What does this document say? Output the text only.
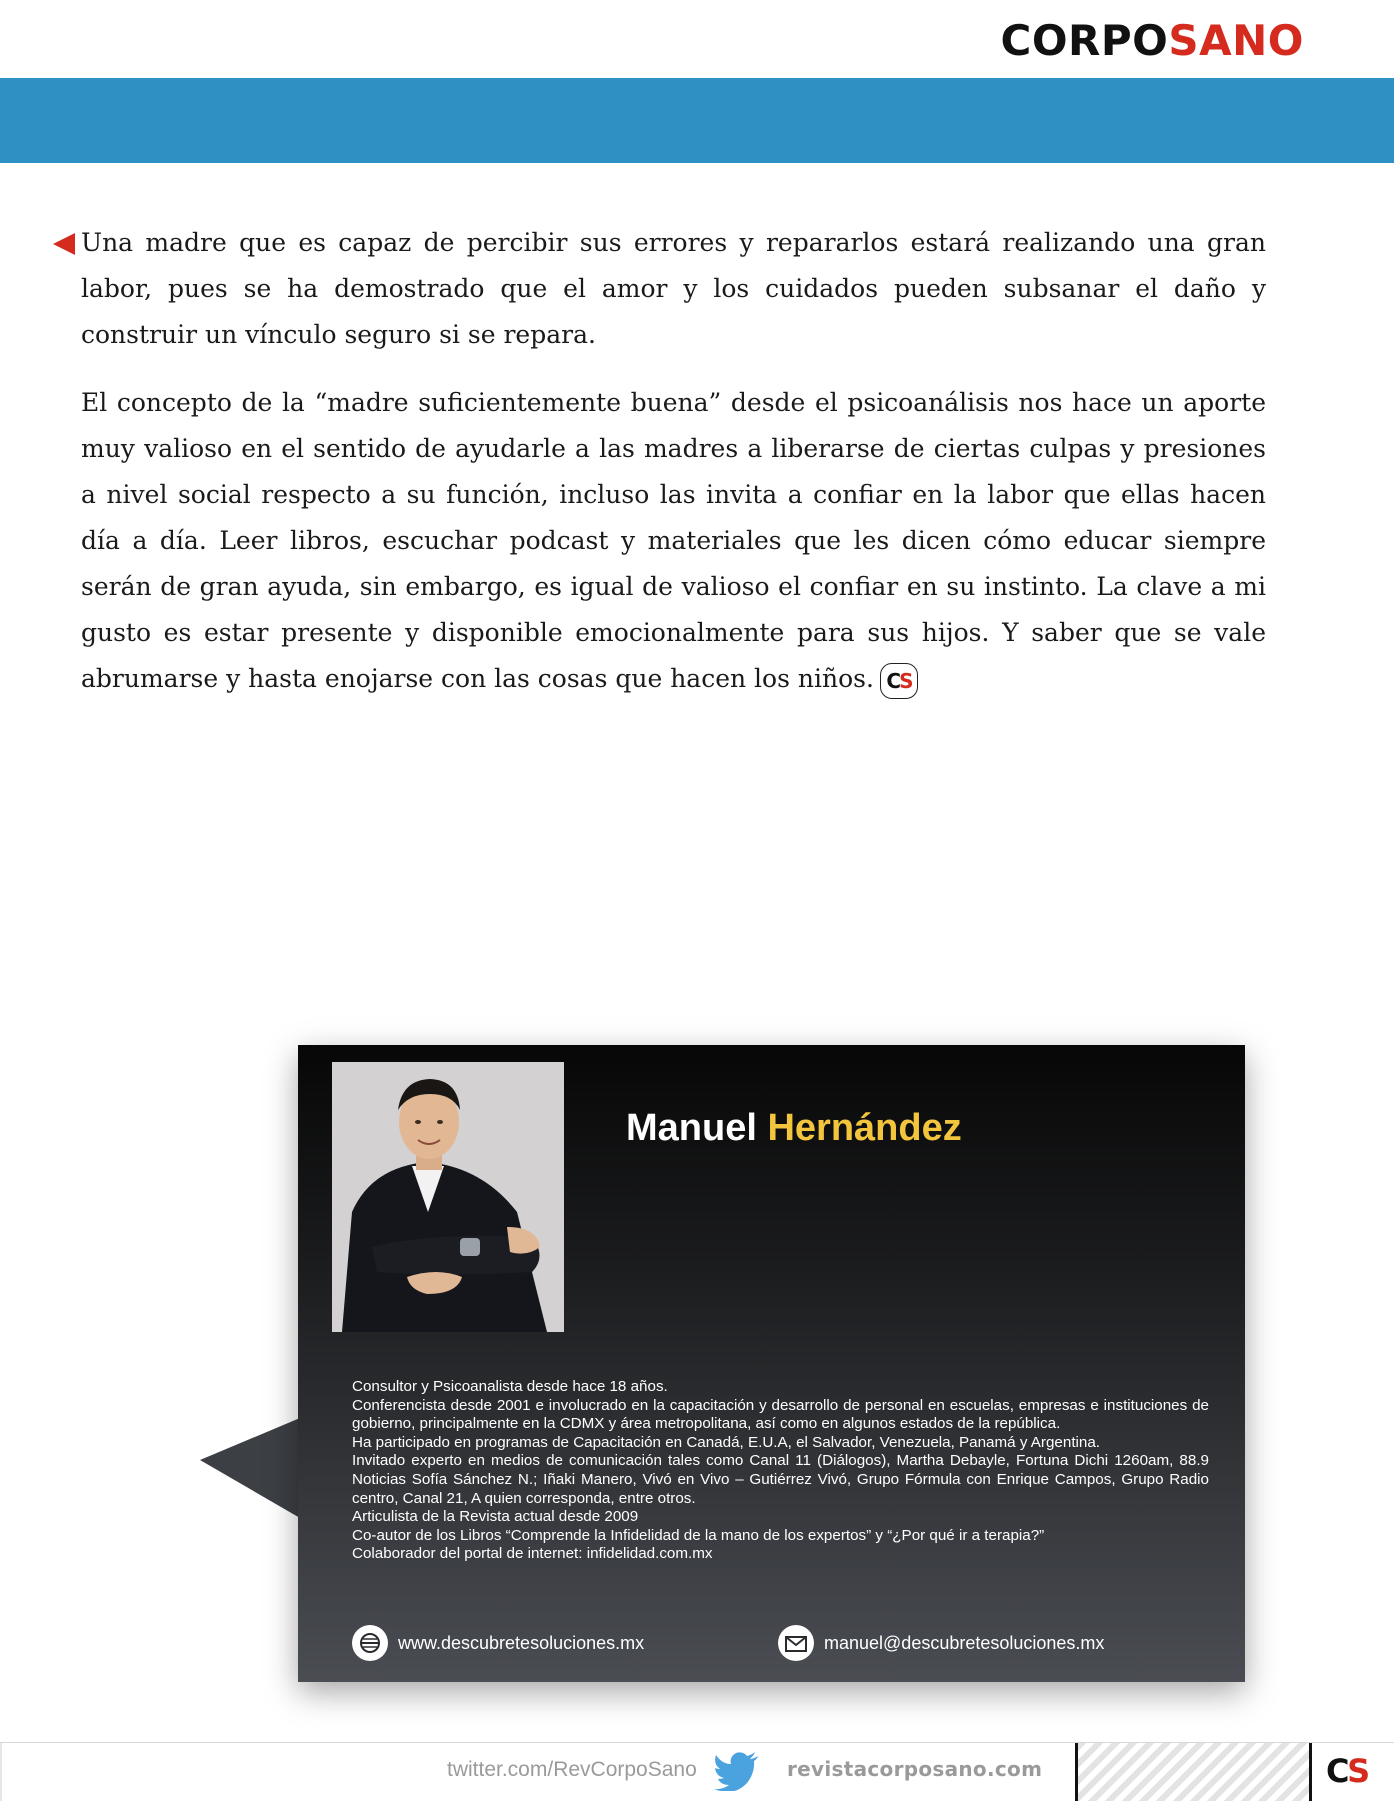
CORPOSANO

Una madre que es capaz de percibir sus errores y repararlos estará realizando una gran labor, pues se ha demostrado que el amor y los cuidados pueden subsanar el daño y construir un vínculo seguro si se repara.

El concepto de la “madre suficientemente buena” desde el psicoanálisis nos hace un aporte muy valioso en el sentido de ayudarle a las madres a liberarse de ciertas culpas y presiones a nivel social respecto a su función, incluso las invita a confiar en la labor que ellas hacen día a día. Leer libros, escuchar podcast y materiales que les dicen cómo educar siempre serán de gran ayuda, sin embargo, es igual de valioso el confiar en su instinto. La clave a mi gusto es estar presente y disponible emocionalmente para sus hijos. Y saber que se vale abrumarse y hasta enojarse con las cosas que hacen los niños. C S

Manuel Hernández
Consultor y Psicoanalista desde hace 18 años.
Conferencista desde 2001 e involucrado en la capacitación y desarrollo de personal en escuelas, empresas e instituciones de gobierno, principalmente en la CDMX y área metropolitana, así como en algunos estados de la república.
Ha participado en programas de Capacitación en Canadá, E.U.A, el Salvador, Venezuela, Panamá y Argentina.
Invitado experto en medios de comunicación tales como Canal 11 (Diálogos), Martha Debayle, Fortuna Dichi 1260am, 88.9 Noticias Sofía Sánchez N.; Iñaki Manero, Vivó en Vivo – Gutiérrez Vivó, Grupo Fórmula con Enrique Campos, Grupo Radio centro, Canal 21, A quien corresponda, entre otros.
Articulista de la Revista actual desde 2009
Co-autor de los Libros “Comprende la Infidelidad de la mano de los expertos” y “¿Por qué ir a terapia?”
Colaborador del portal de internet: infidelidad.com.mx
www.descubretesoluciones.mx	manuel@descubretesoluciones.mx
twitter.com/RevCorpoSano	revistacorposano.com	CS
